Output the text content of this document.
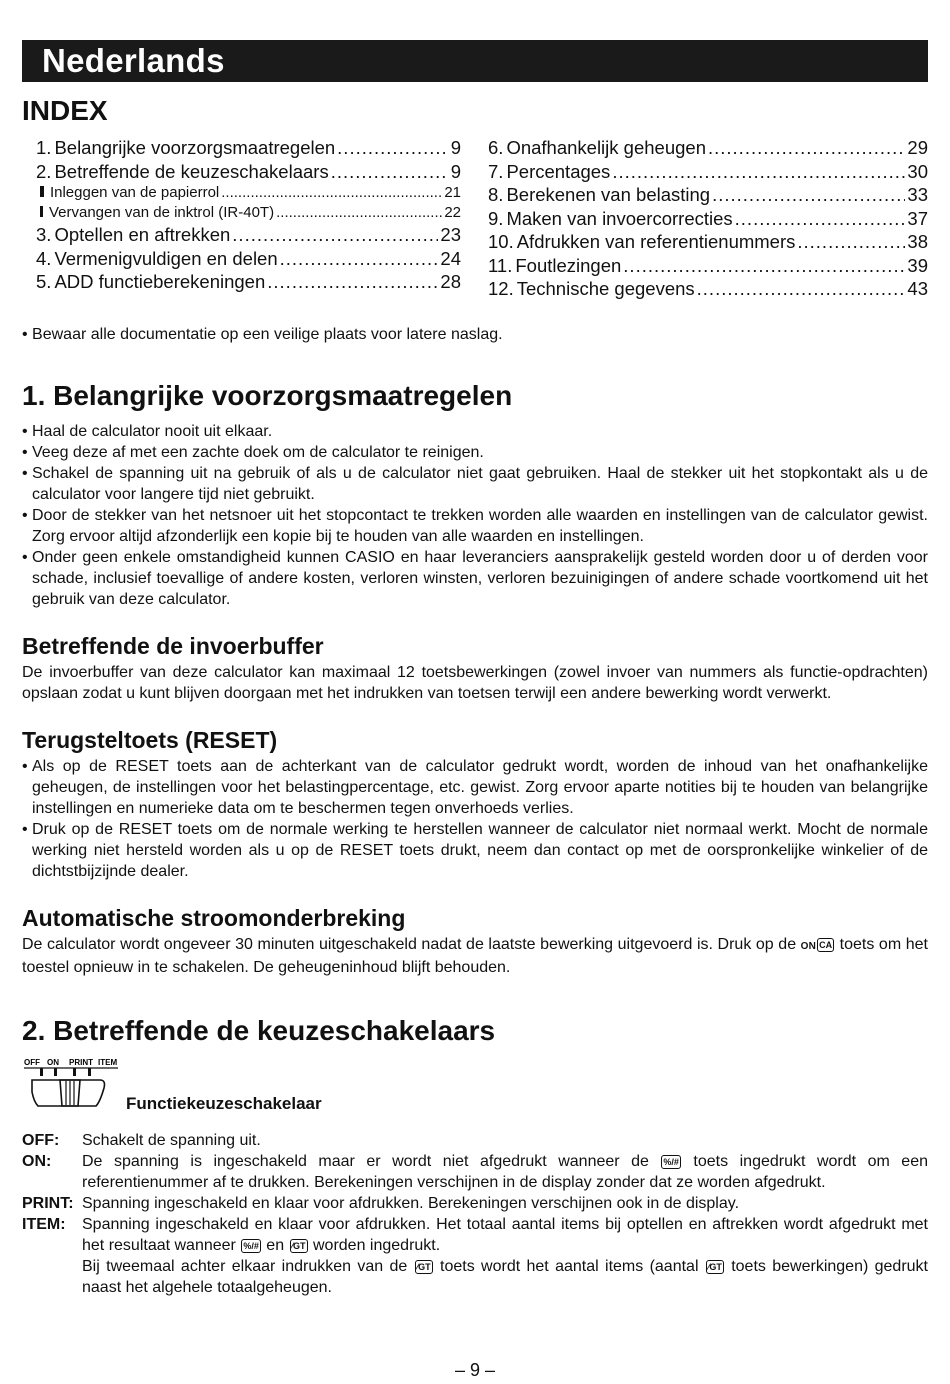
Nederlands
INDEX
1. Belangrijke voorzorgsmaatregelen .....	9
2. Betreffende de keuzeschakelaars .....	9
Inleggen van de papierrol .....	21
Vervangen van de inktrol (IR-40T) .....	22
3. Optellen en aftrekken .....	23
4. Vermenigvuldigen en delen .....	24
5. ADD functieberekeningen .....	28
6. Onafhankelijk geheugen .....	29
7. Percentages .....	30
8. Berekenen van belasting .....	33
9. Maken van invoercorrecties .....	37
10. Afdrukken van referentienummers .....	38
11. Foutlezingen .....	39
12. Technische gegevens .....	43
• Bewaar alle documentatie op een veilige plaats voor latere naslag.
1. Belangrijke voorzorgsmaatregelen
• Haal de calculator nooit uit elkaar.
• Veeg deze af met een zachte doek om de calculator te reinigen.
• Schakel de spanning uit na gebruik of als u de calculator niet gaat gebruiken. Haal de stekker uit het stopkontakt als u de calculator voor langere tijd niet gebruikt.
• Door de stekker van het netsnoer uit het stopcontact te trekken worden alle waarden en instellingen van de calculator gewist. Zorg ervoor altijd afzonderlijk een kopie bij te houden van alle waarden en instellingen.
• Onder geen enkele omstandigheid kunnen CASIO en haar leveranciers aansprakelijk gesteld worden door u of derden voor schade, inclusief toevallige of andere kosten, verloren winsten, verloren bezuinigingen of andere schade voortkomend uit het gebruik van deze calculator.
Betreffende de invoerbuffer

De invoerbuffer van deze calculator kan maximaal 12 toetsbewerkingen (zowel invoer van nummers als functie-opdrachten) opslaan zodat u kunt blijven doorgaan met het indrukken van toetsen terwijl een andere bewerking wordt verwerkt.

Terugsteltoets (RESET)
• Als op de RESET toets aan de achterkant van de calculator gedrukt wordt, worden de inhoud van het onafhankelijke geheugen, de instellingen voor het belastingpercentage, etc. gewist. Zorg ervoor aparte notities bij te houden van belangrijke instellingen en numerieke data om te beschermen tegen onverhoeds verlies.
• Druk op de RESET toets om de normale werking te herstellen wanneer de calculator niet normaal werkt. Mocht de normale werking niet hersteld worden als u op de RESET toets drukt, neem dan contact op met de oorspronkelijke winkelier of de dichtstbijzijnde dealer.
Automatische stroomonderbreking

De calculator wordt ongeveer 30 minuten uitgeschakeld nadat de laatste bewerking uitgevoerd is. Druk op de ON CA toets om het toestel opnieuw in te schakelen. De geheugeninhoud blijft behouden.

2. Betreffende de keuzeschakelaars
OFF ON PRINT ITEM
Functiekeuzeschakelaar
OFF:	Schakelt de spanning uit.
ON:	De spanning is ingeschakeld maar er wordt niet afgedrukt wanneer de %/# toets ingedrukt wordt om een referentienummer af te drukken. Berekeningen verschijnen in de display zonder dat ze worden afgedrukt.
PRINT: Spanning ingeschakeld en klaar voor afdrukken. Berekeningen verschijnen ook in de display.
ITEM:	Spanning ingeschakeld en klaar voor afdrukken. Het totaal aantal items bij optellen en aftrekken wordt afgedrukt met het resultaat wanneer %/# en ⁄GT worden ingedrukt.
Bij tweemaal achter elkaar indrukken van de ⁄GT toets wordt het aantal items (aantal ⁄GT toets bewerkingen) gedrukt naast het algehele totaalgeheugen.
– 9 –
